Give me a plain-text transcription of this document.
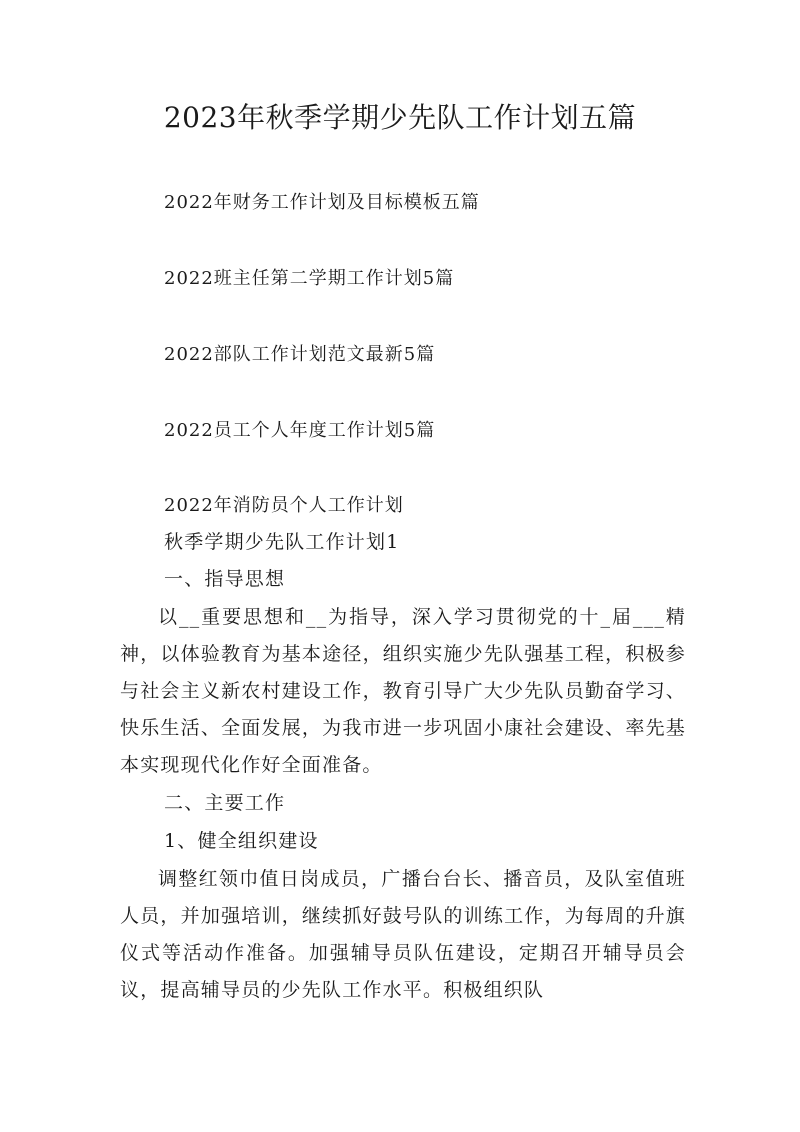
2023年秋季学期少先队工作计划五篇
2022年财务工作计划及目标模板五篇
2022班主任第二学期工作计划5篇
2022部队工作计划范文最新5篇
2022员工个人年度工作计划5篇
2022年消防员个人工作计划
秋季学期少先队工作计划1
一、指导思想

以__重要思想和__为指导，深入学习贯彻党的十_届___精神，以体验教育为基本途径，组织实施少先队强基工程，积极参与社会主义新农村建设工作，教育引导广大少先队员勤奋学习、快乐生活、全面发展，为我市进一步巩固小康社会建设、率先基本实现现代化作好全面准备。

二、主要工作
1、健全组织建设

调整红领巾值日岗成员，广播台台长、播音员，及队室值班人员，并加强培训，继续抓好鼓号队的训练工作，为每周的升旗仪式等活动作准备。加强辅导员队伍建设，定期召开辅导员会议，提高辅导员的少先队工作水平。积极组织队
